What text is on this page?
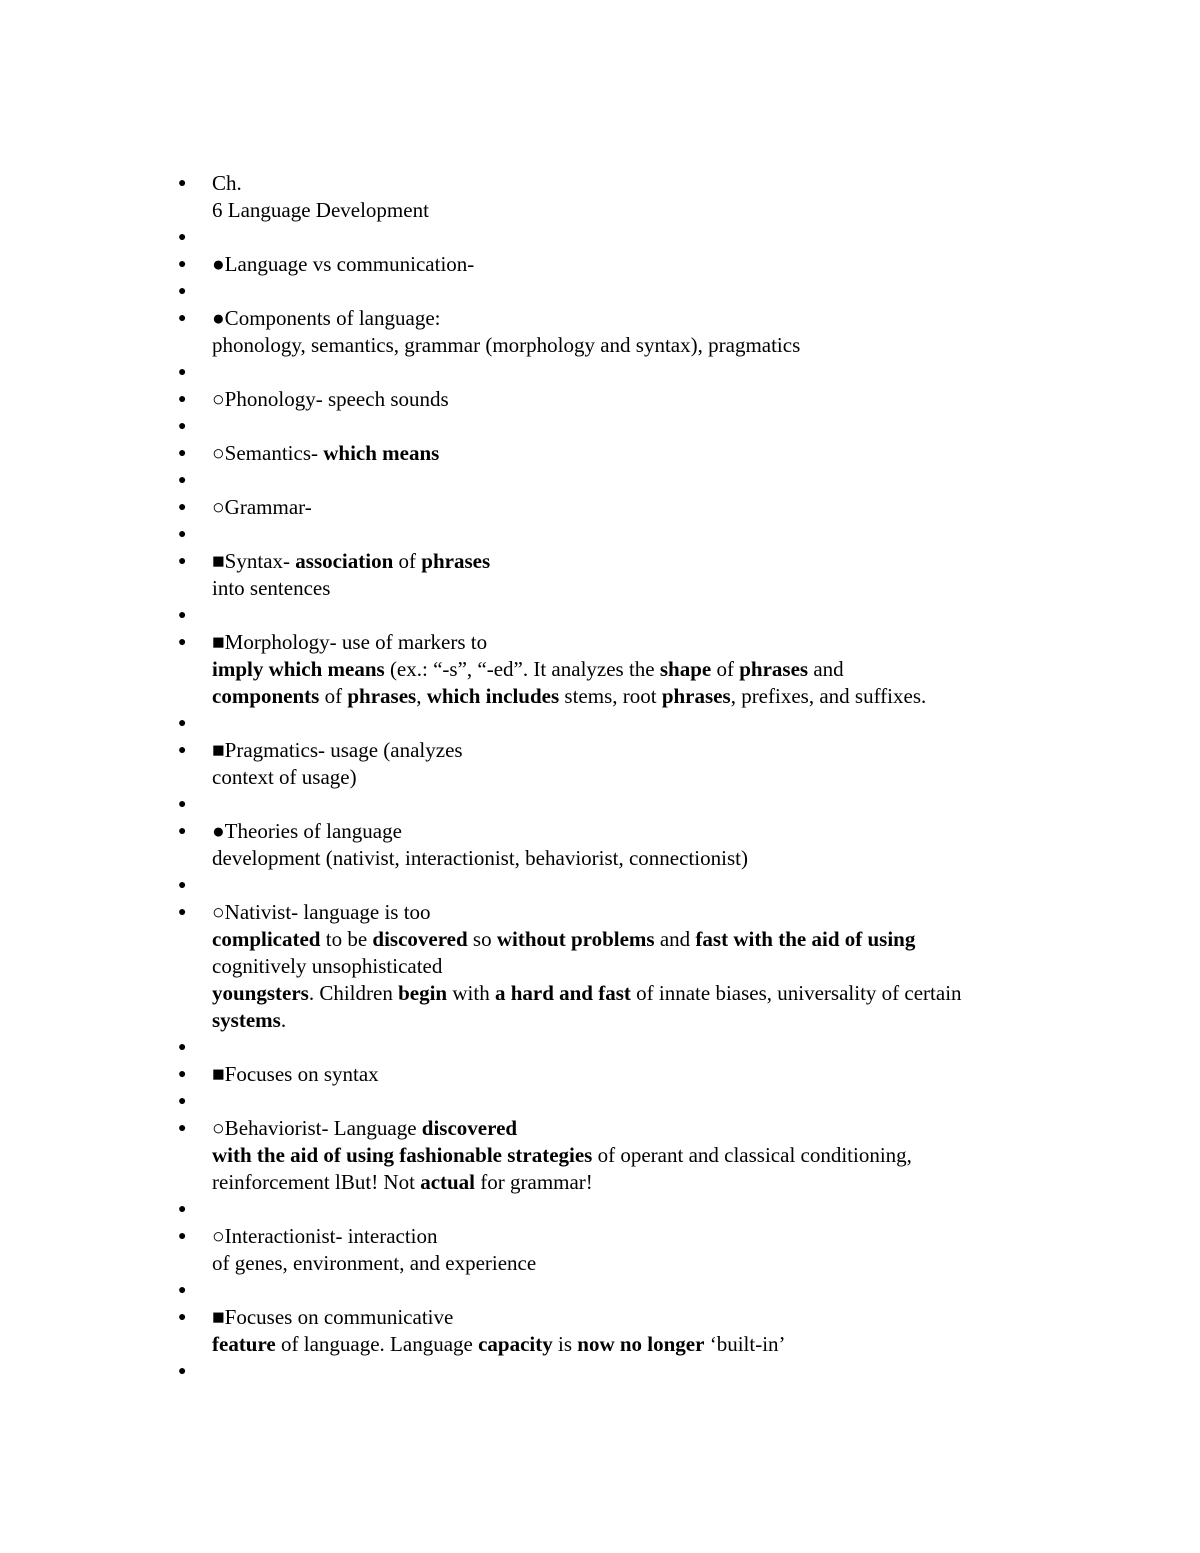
●	Ch.
6 Language Development
●
●	●Language vs communication-
●
●	●Components of language:
phonology, semantics, grammar (morphology and syntax), pragmatics
●
●	○Phonology- speech sounds
●
●	○Semantics- which means
●
●	○Grammar-
●
●	■Syntax- association of phrases
into sentences
●
●	■Morphology- use of markers to
imply which means (ex.: “-s”, “-ed”. It analyzes the shape of phrases and
components of phrases, which includes stems, root phrases, prefixes, and suffixes.
●
●	■Pragmatics- usage (analyzes
context of usage)
●
●	●Theories of language
development (nativist, interactionist, behaviorist, connectionist)
●
●	○Nativist- language is too
complicated to be discovered so without problems and fast with the aid of using
cognitively unsophisticated
youngsters. Children begin with a hard and fast of innate biases, universality of certain
systems.
●
●	■Focuses on syntax
●
●	○Behaviorist- Language discovered
with the aid of using fashionable strategies of operant and classical conditioning,
reinforcement lBut! Not actual for grammar!
●
●	○Interactionist- interaction
of genes, environment, and experience
●
●	■Focuses on communicative
feature of language. Language capacity is now no longer ‘built-in’
●
